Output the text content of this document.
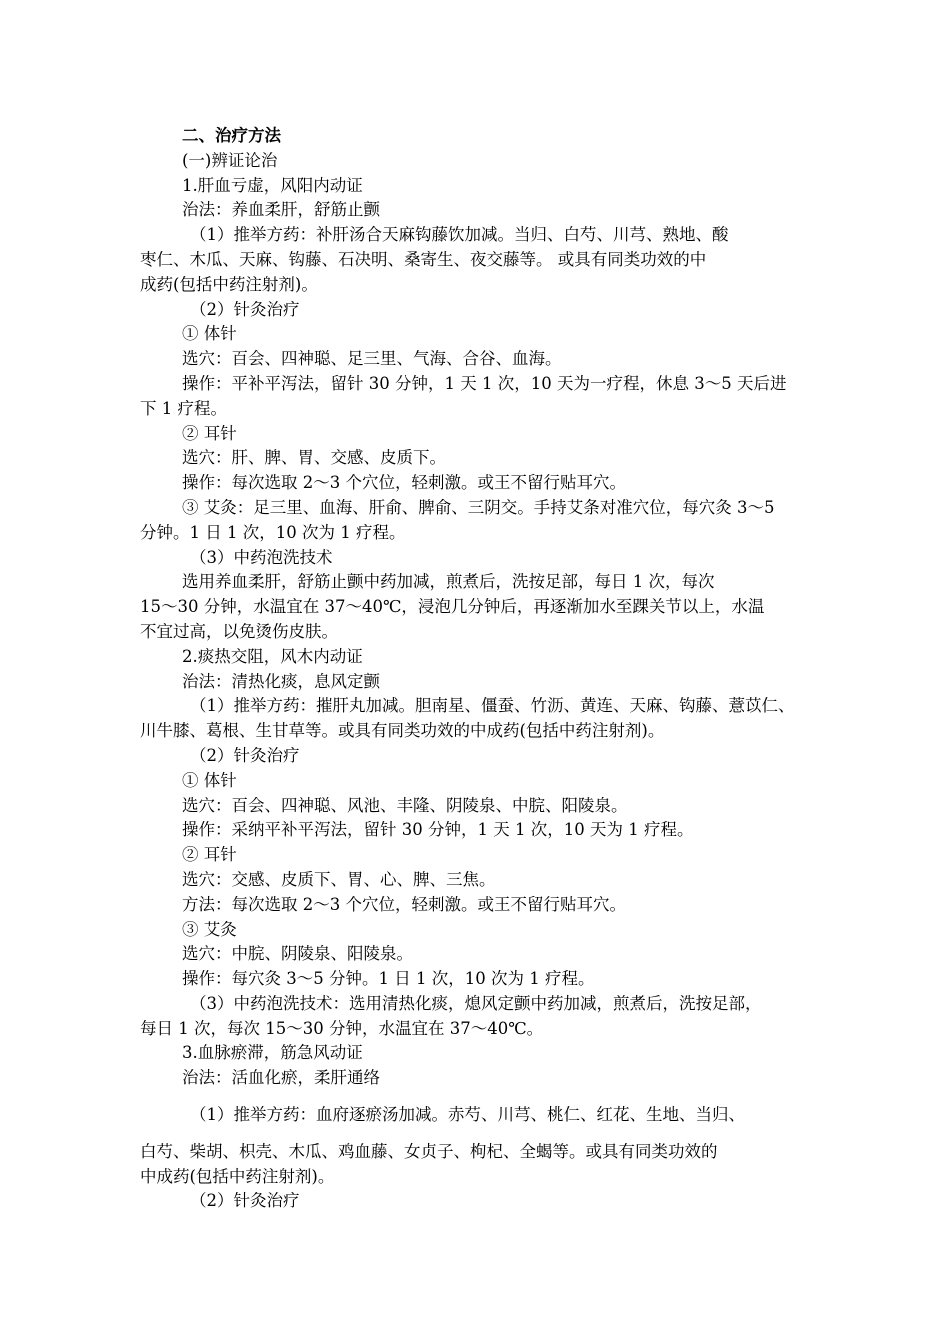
二、治疗方法
(一)辨证论治
1.肝血亏虚，风阳内动证
治法：养血柔肝，舒筋止颤
（1）推举方药：补肝汤合天麻钩藤饮加减。当归、白芍、川芎、熟地、酸
枣仁、木瓜、天麻、钩藤、石决明、桑寄生、夜交藤等。 或具有同类功效的中
成药(包括中药注射剂)。
（2）针灸治疗
① 体针
选穴：百会、四神聪、足三里、气海、合谷、血海。
操作：平补平泻法，留针 30 分钟，1 天 1 次，10 天为一疗程，休息 3～5 天后进
下 1 疗程。
② 耳针
选穴：肝、脾、胃、交感、皮质下。
操作：每次选取 2～3 个穴位，轻刺激。或王不留行贴耳穴。
③ 艾灸：足三里、血海、肝俞、脾俞、三阴交。手持艾条对准穴位，每穴灸 3～5
分钟。1 日 1 次，10 次为 1 疗程。
（3）中药泡洗技术
选用养血柔肝，舒筋止颤中药加减，煎煮后，洗按足部，每日 1 次，每次
15～30 分钟，水温宜在 37～40℃，浸泡几分钟后，再逐渐加水至踝关节以上，水温
不宜过高，以免烫伤皮肤。
2.痰热交阻，风木内动证
治法：清热化痰，息风定颤
（1）推举方药：摧肝丸加减。胆南星、僵蚕、竹沥、黄连、天麻、钩藤、薏苡仁、
川牛膝、葛根、生甘草等。或具有同类功效的中成药(包括中药注射剂)。
（2）针灸治疗
① 体针
选穴：百会、四神聪、风池、丰隆、阴陵泉、中脘、阳陵泉。
操作：采纳平补平泻法，留针 30 分钟，1 天 1 次，10 天为 1 疗程。
② 耳针
选穴：交感、皮质下、胃、心、脾、三焦。
方法：每次选取 2～3 个穴位，轻刺激。或王不留行贴耳穴。
③ 艾灸
选穴：中脘、阴陵泉、阳陵泉。
操作：每穴灸 3～5 分钟。1 日 1 次，10 次为 1 疗程。
（3）中药泡洗技术：选用清热化痰，熄风定颤中药加减，煎煮后，洗按足部，
每日 1 次，每次 15～30 分钟，水温宜在 37～40℃。
3.血脉瘀滞，筋急风动证
治法：活血化瘀，柔肝通络
（1）推举方药：血府逐瘀汤加减。赤芍、川芎、桃仁、红花、生地、当归、
白芍、柴胡、枳壳、木瓜、鸡血藤、女贞子、枸杞、全蝎等。或具有同类功效的
中成药(包括中药注射剂)。
（2）针灸治疗
